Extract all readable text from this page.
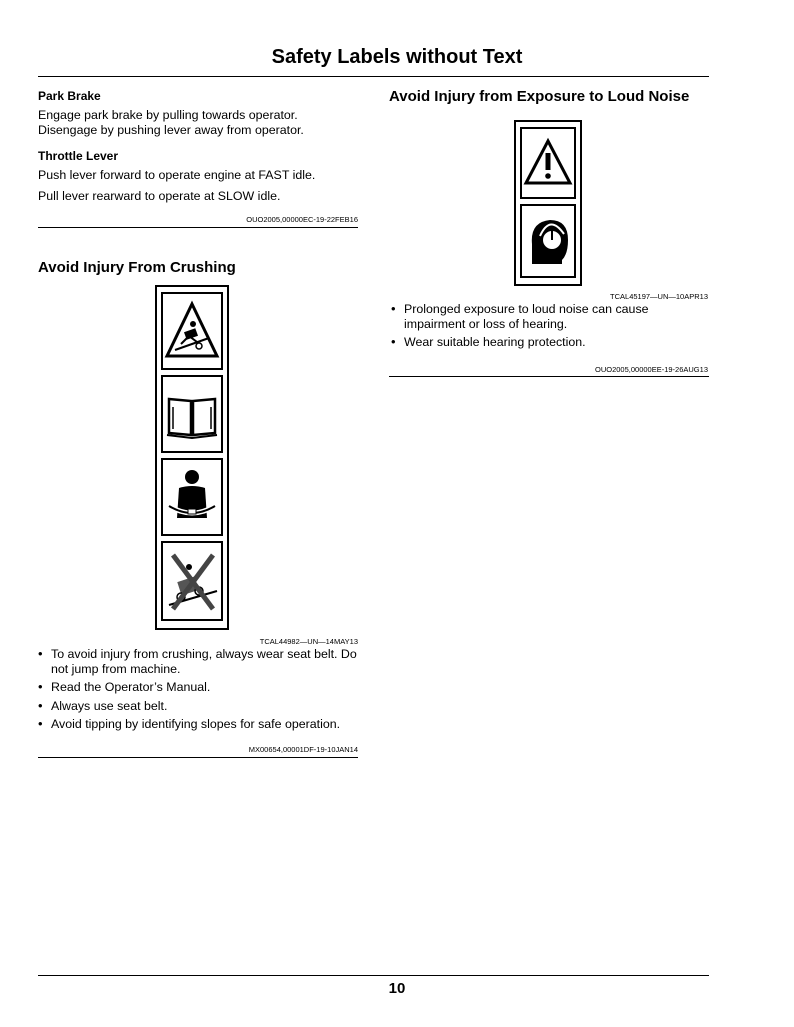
Safety Labels without Text
Park Brake

Engage park brake by pulling towards operator.

Disengage by pushing lever away from operator.

Throttle Lever

Push lever forward to operate engine at FAST idle.

Pull lever rearward to operate at SLOW idle.

OUO2005,00000EC-19-22FEB16

Avoid Injury From Crushing

TCAL44982—UN—14MAY13

• To avoid injury from crushing, always wear seat belt. Do not jump from machine.
• Read the Operator’s Manual.
• Always use seat belt.
• Avoid tipping by identifying slopes for safe operation.

MX00654,00001DF-19-10JAN14

Avoid Injury from Exposure to Loud Noise

TCAL45197—UN—10APR13

• Prolonged exposure to loud noise can cause impairment or loss of hearing.
• Wear suitable hearing protection.

OUO2005,00000EE-19-26AUG13

10
